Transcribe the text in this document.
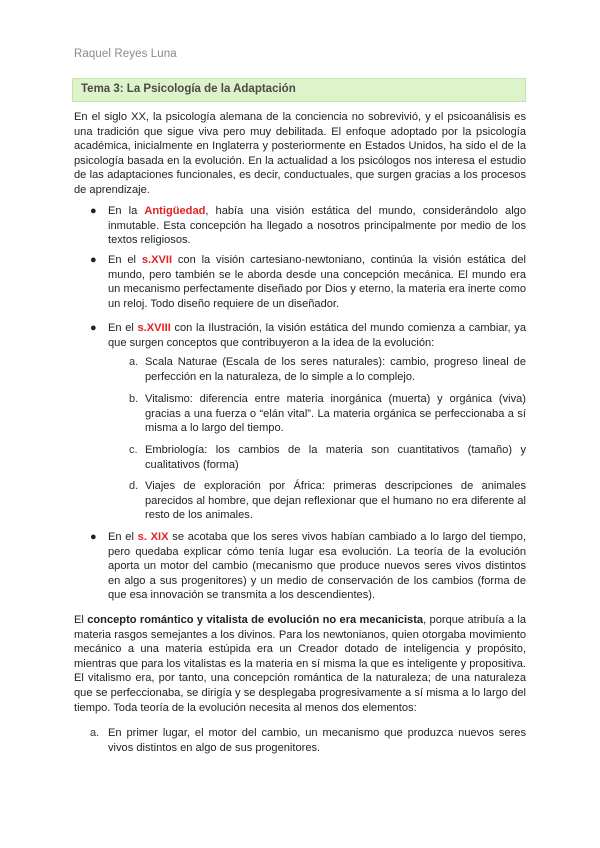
Raquel Reyes Luna
Tema 3: La Psicología de la Adaptación
En el siglo XX, la psicología alemana de la conciencia no sobrevivió, y el psicoanálisis es una tradición que sigue viva pero muy debilitada. El enfoque adoptado por la psicología académica, inicialmente en Inglaterra y posteriormente en Estados Unidos, ha sido el de la psicología basada en la evolución. En la actualidad a los psicólogos nos interesa el estudio de las adaptaciones funcionales, es decir, conductuales, que surgen gracias a los procesos de aprendizaje.
● En la Antigüedad, había una visión estática del mundo, considerándolo algo inmutable. Esta concepción ha llegado a nosotros principalmente por medio de los textos religiosos.
● En el s.XVII con la visión cartesiano-newtoniano, continúa la visión estática del mundo, pero también se le aborda desde una concepción mecánica. El mundo era un mecanismo perfectamente diseñado por Dios y eterno, la materia era inerte como un reloj. Todo diseño requiere de un diseñador.
● En el s.XVIII con la Ilustración, la visión estática del mundo comienza a cambiar, ya que surgen conceptos que contribuyeron a la idea de la evolución:
a. Scala Naturae (Escala de los seres naturales): cambio, progreso lineal de perfección en la naturaleza, de lo simple a lo complejo.
b. Vitalismo: diferencia entre materia inorgánica (muerta) y orgánica (viva) gracias a una fuerza o “elán vital”. La materia orgánica se perfeccionaba a sí misma a lo largo del tiempo.
c. Embriología: los cambios de la materia son cuantitativos (tamaño) y cualitativos (forma)
d. Viajes de exploración por África: primeras descripciones de animales parecidos al hombre, que dejan reflexionar que el humano no era diferente al resto de los animales.
● En el s. XIX se acotaba que los seres vivos habían cambiado a lo largo del tiempo, pero quedaba explicar cómo tenía lugar esa evolución. La teoría de la evolución aporta un motor del cambio (mecanismo que produce nuevos seres vivos distintos en algo a sus progenitores) y un medio de conservación de los cambios (forma de que esa innovación se transmita a los descendientes).
El concepto romántico y vitalista de evolución no era mecanicista, porque atribuía a la materia rasgos semejantes a los divinos. Para los newtonianos, quien otorgaba movimiento mecánico a una materia estúpida era un Creador dotado de inteligencia y propósito, mientras que para los vitalistas es la materia en sí misma la que es inteligente y propositiva. El vitalismo era, por tanto, una concepción romántica de la naturaleza; de una naturaleza que se perfeccionaba, se dirigía y se desplegaba progresivamente a sí misma a lo largo del tiempo. Toda teoría de la evolución necesita al menos dos elementos:
a. En primer lugar, el motor del cambio, un mecanismo que produzca nuevos seres vivos distintos en algo de sus progenitores.
